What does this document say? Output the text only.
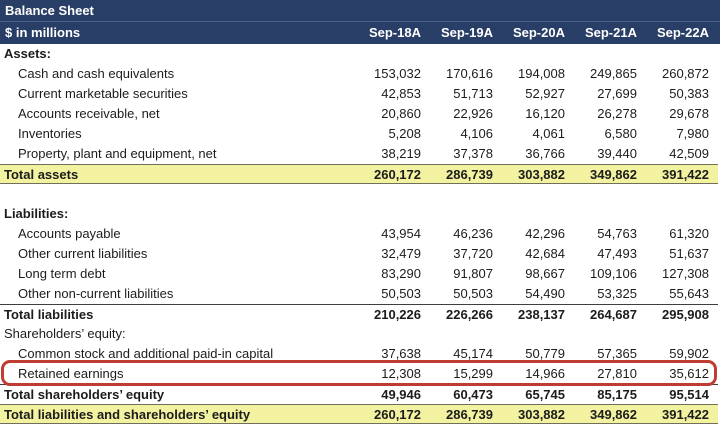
Balance Sheet
$ in millions	Sep-18A	Sep-19A	Sep-20A	Sep-21A	Sep-22A
Assets:
Cash and cash equivalents	153,032	170,616	194,008	249,865	260,872
Current marketable securities	42,853	51,713	52,927	27,699	50,383
Accounts receivable, net	20,860	22,926	16,120	26,278	29,678
Inventories	5,208	4,106	4,061	6,580	7,980
Property, plant and equipment, net	38,219	37,378	36,766	39,440	42,509
Total assets	260,172	286,739	303,882	349,862	391,422
Liabilities:
Accounts payable	43,954	46,236	42,296	54,763	61,320
Other current liabilities	32,479	37,720	42,684	47,493	51,637
Long term debt	83,290	91,807	98,667	109,106	127,308
Other non-current liabilities	50,503	50,503	54,490	53,325	55,643
Total liabilities	210,226	226,266	238,137	264,687	295,908
Shareholders’ equity:
Common stock and additional paid-in capital	37,638	45,174	50,779	57,365	59,902
Retained earnings	12,308	15,299	14,966	27,810	35,612
Total shareholders’ equity	49,946	60,473	65,745	85,175	95,514
Total liabilities and shareholders’ equity	260,172	286,739	303,882	349,862	391,422
